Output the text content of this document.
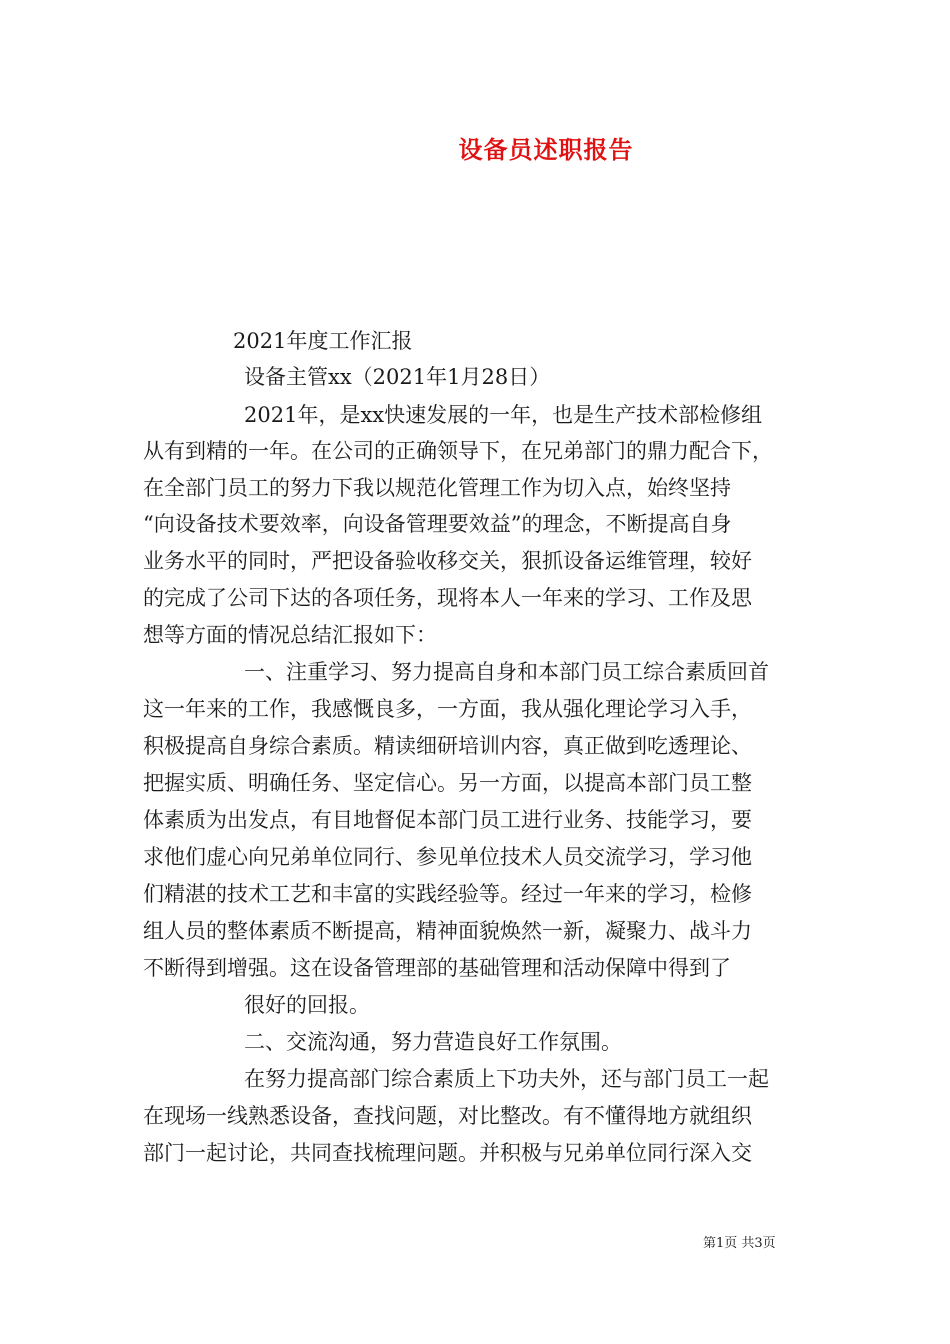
设备员述职报告
2021年度工作汇报
设备主管xx（2021年1月28日）
2021年，是xx快速发展的一年，也是生产技术部检修组
从有到精的一年。在公司的正确领导下，在兄弟部门的鼎力配合下，
在全部门员工的努力下我以规范化管理工作为切入点，始终坚持
“向设备技术要效率，向设备管理要效益”的理念，不断提高自身
业务水平的同时，严把设备验收移交关，狠抓设备运维管理，较好
的完成了公司下达的各项任务，现将本人一年来的学习、工作及思
想等方面的情况总结汇报如下：
一、注重学习、努力提高自身和本部门员工综合素质回首
这一年来的工作，我感慨良多，一方面，我从强化理论学习入手，
积极提高自身综合素质。精读细研培训内容，真正做到吃透理论、
把握实质、明确任务、坚定信心。另一方面，以提高本部门员工整
体素质为出发点，有目地督促本部门员工进行业务、技能学习，要
求他们虚心向兄弟单位同行、参见单位技术人员交流学习，学习他
们精湛的技术工艺和丰富的实践经验等。经过一年来的学习，检修
组人员的整体素质不断提高，精神面貌焕然一新，凝聚力、战斗力
不断得到增强。这在设备管理部的基础管理和活动保障中得到了
很好的回报。
二、交流沟通，努力营造良好工作氛围。
在努力提高部门综合素质上下功夫外，还与部门员工一起
在现场一线熟悉设备，查找问题，对比整改。有不懂得地方就组织
部门一起讨论，共同查找梳理问题。并积极与兄弟单位同行深入交
第1页 共3页
